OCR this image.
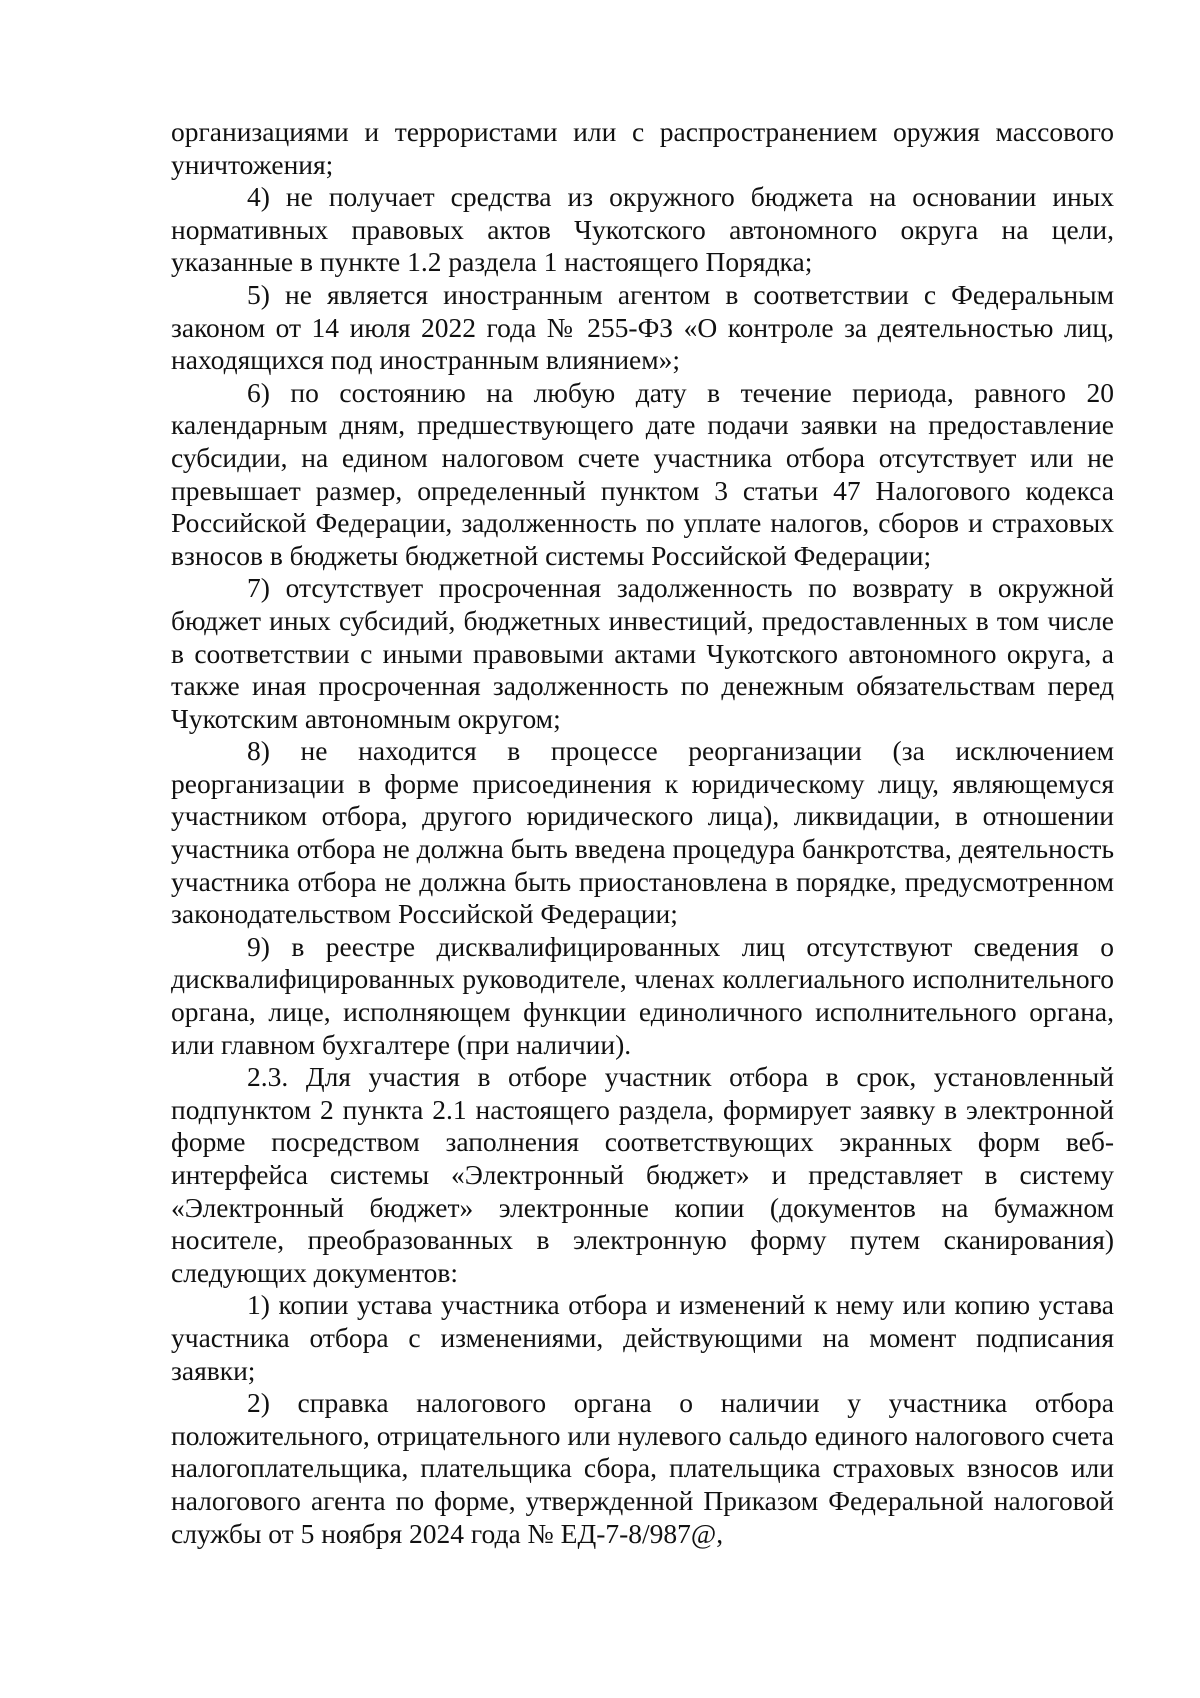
организациями и террористами или с распространением оружия массового уничтожения;

4) не получает средства из окружного бюджета на основании иных нормативных правовых актов Чукотского автономного округа на цели, указанные в пункте 1.2 раздела 1 настоящего Порядка;

5) не является иностранным агентом в соответствии с Федеральным законом от 14 июля 2022 года № 255-ФЗ «О контроле за деятельностью лиц, находящихся под иностранным влиянием»;

6) по состоянию на любую дату в течение периода, равного 20 календарным дням, предшествующего дате подачи заявки на предоставление субсидии, на едином налоговом счете участника отбора отсутствует или не превышает размер, определенный пунктом 3 статьи 47 Налогового кодекса Российской Федерации, задолженность по уплате налогов, сборов и страховых взносов в бюджеты бюджетной системы Российской Федерации;

7) отсутствует просроченная задолженность по возврату в окружной бюджет иных субсидий, бюджетных инвестиций, предоставленных в том числе в соответствии с иными правовыми актами Чукотского автономного округа, а также иная просроченная задолженность по денежным обязательствам перед Чукотским автономным округом;

8) не находится в процессе реорганизации (за исключением реорганизации в форме присоединения к юридическому лицу, являющемуся участником отбора, другого юридического лица), ликвидации, в отношении участника отбора не должна быть введена процедура банкротства, деятельность участника отбора не должна быть приостановлена в порядке, предусмотренном законодательством Российской Федерации;

9) в реестре дисквалифицированных лиц отсутствуют сведения о дисквалифицированных руководителе, членах коллегиального исполнительного органа, лице, исполняющем функции единоличного исполнительного органа, или главном бухгалтере (при наличии).

2.3. Для участия в отборе участник отбора в срок, установленный подпунктом 2 пункта 2.1 настоящего раздела, формирует заявку в электронной форме посредством заполнения соответствующих экранных форм веб-интерфейса системы «Электронный бюджет» и представляет в систему «Электронный бюджет» электронные копии (документов на бумажном носителе, преобразованных в электронную форму путем сканирования) следующих документов:

1) копии устава участника отбора и изменений к нему или копию устава участника отбора с изменениями, действующими на момент подписания заявки;

2) справка налогового органа о наличии у участника отбора положительного, отрицательного или нулевого сальдо единого налогового счета налогоплательщика, плательщика сбора, плательщика страховых взносов или налогового агента по форме, утвержденной Приказом Федеральной налоговой службы от 5 ноября 2024 года № ЕД-7-8/987@,
